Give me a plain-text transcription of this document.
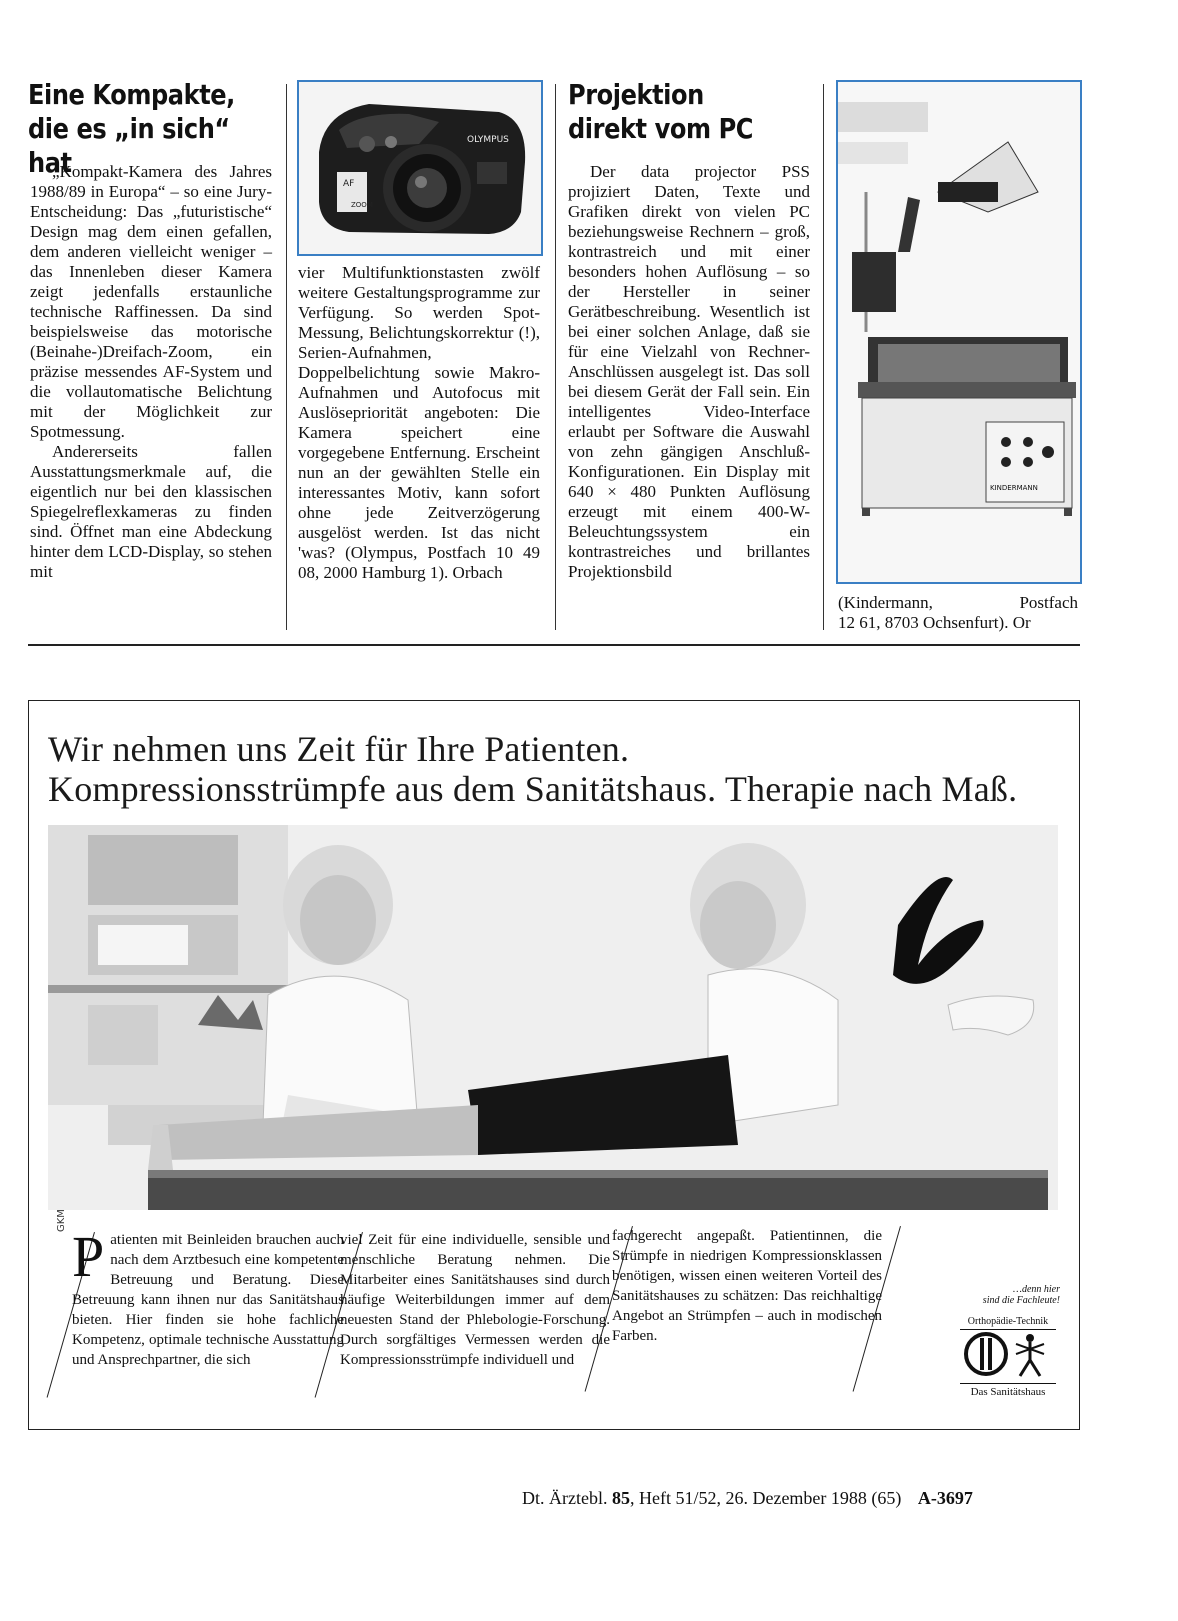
Eine Kompakte,
die es „in sich“ hat

„Kompakt-Kamera des Jahres 1988/89 in Europa“ – so eine Jury-Entscheidung: Das „futuristische“ Design mag dem einen gefallen, dem anderen vielleicht weniger – das Innenleben dieser Kamera zeigt jedenfalls erstaunliche technische Raffinessen. Da sind beispielsweise das motorische (Beinahe-)Dreifach-Zoom, ein präzise messendes AF-System und die vollautomatische Belichtung mit der Möglichkeit zur Spotmessung.

Andererseits fallen Ausstattungsmerkmale auf, die eigentlich nur bei den klassischen Spiegelreflexkameras zu finden sind. Öffnet man eine Abdeckung hinter dem LCD-Display, so stehen mit

AF
ZOOM
OLYMPUS

vier Multifunktionstasten zwölf weitere Gestaltungsprogramme zur Verfügung. So werden Spot-Messung, Belichtungskorrektur (!), Serien-Aufnahmen, Doppelbelichtung sowie Makro-Aufnahmen und Autofocus mit Auslösepriorität angeboten: Die Kamera speichert eine vorgegebene Entfernung. Erscheint nun an der gewählten Stelle ein interessantes Motiv, kann sofort ohne jede Zeitverzögerung ausgelöst werden. Ist das nicht 'was? (Olympus, Postfach 10 49 08, 2000 Hamburg 1). Orbach

Projektion
direkt vom PC

Der data projector PSS projiziert Daten, Texte und Grafiken direkt von vielen PC beziehungsweise Rechnern – groß, kontrastreich und mit einer besonders hohen Auflösung – so der Hersteller in seiner Gerätbeschreibung. Wesentlich ist bei einer solchen Anlage, daß sie für eine Vielzahl von Rechner-Anschlüssen ausgelegt ist. Das soll bei diesem Gerät der Fall sein. Ein intelligentes Video-Interface erlaubt per Software die Auswahl von zehn gängigen Anschluß-Konfigurationen. Ein Display mit 640 × 480 Punkten Auflösung erzeugt mit einem 400-W-Beleuchtungssystem ein kontrastreiches und brillantes Projektionsbild

KINDERMANN

(Kindermann, Postfach

12 61, 8703 Ochsenfurt). Or

Wir nehmen uns Zeit für Ihre Patienten.
Kompressionsstrümpfe aus dem Sanitätshaus. Therapie nach Maß.
GKM

P atienten mit Beinleiden brauchen auch nach dem Arztbesuch eine kompetente Betreuung und Beratung. Diese Betreuung kann ihnen nur das Sanitätshaus bieten. Hier finden sie hohe fachliche Kompetenz, optimale technische Ausstattung und Ansprechpartner, die sich

viel Zeit für eine individuelle, sensible und menschliche Beratung nehmen. Die Mitarbeiter eines Sanitätshauses sind durch häufige Weiterbildungen immer auf dem neuesten Stand der Phlebologie-Forschung. Durch sorgfältiges Vermessen werden die Kompressionsstrümpfe individuell und

fachgerecht angepaßt. Patientinnen, die Strümpfe in niedrigen Kompressionsklassen benötigen, wissen einen weiteren Vorteil des Sanitätshauses zu schätzen: Das reichhaltige Angebot an Strümpfen – auch in modischen Farben.

…denn hier
sind die Fachleute!
Orthopädie-Technik
Das Sanitätshaus
Dt. Ärztebl. 85, Heft 51/52, 26. Dezember 1988 (65) A-3697
